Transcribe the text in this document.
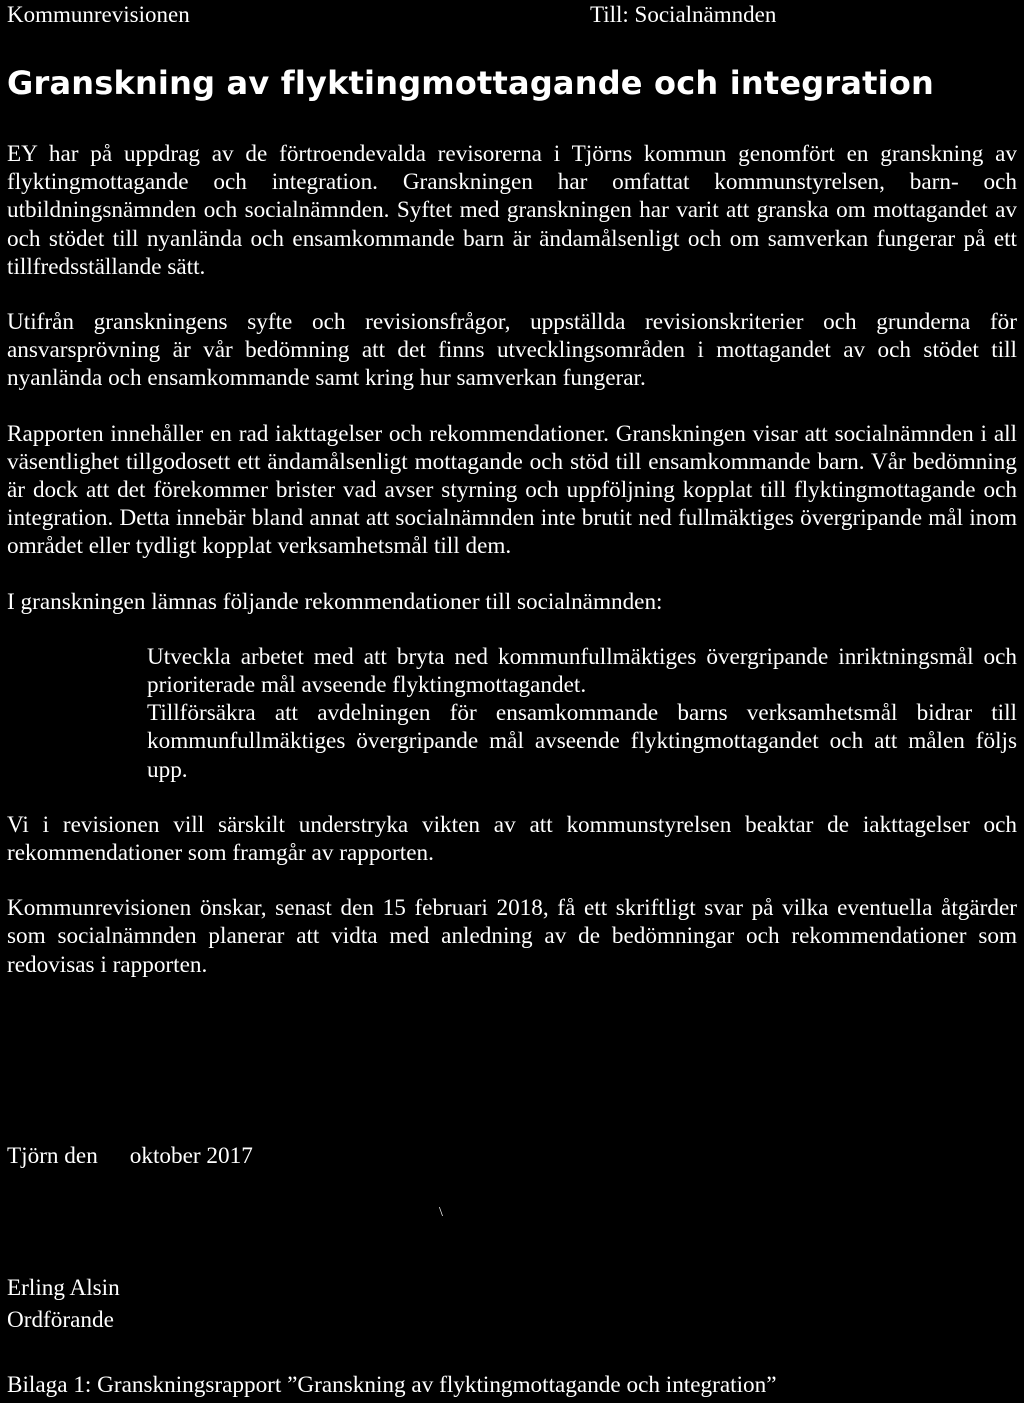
Kommunrevisionen	Till: Socialnämnden
Granskning av flyktingmottagande och integration

EY har på uppdrag av de förtroendevalda revisorerna i Tjörns kommun genomfört en granskning av flyktingmottagande och integration. Granskningen har omfattat kommunstyrelsen, barn- och utbildningsnämnden och socialnämnden. Syftet med granskningen har varit att granska om mottagandet av och stödet till nyanlända och ensamkommande barn är ändamålsenligt och om samverkan fungerar på ett tillfredsställande sätt.

Utifrån granskningens syfte och revisionsfrågor, uppställda revisionskriterier och grunderna för ansvarsprövning är vår bedömning att det finns utvecklingsområden i mottagandet av och stödet till nyanlända och ensamkommande samt kring hur samverkan fungerar.

Rapporten innehåller en rad iakttagelser och rekommendationer. Granskningen visar att socialnämnden i all väsentlighet tillgodosett ett ändamålsenligt mottagande och stöd till ensamkommande barn. Vår bedömning är dock att det förekommer brister vad avser styrning och uppföljning kopplat till flyktingmottagande och integration. Detta innebär bland annat att socialnämnden inte brutit ned fullmäktiges övergripande mål inom området eller tydligt kopplat verksamhetsmål till dem.

I granskningen lämnas följande rekommendationer till socialnämnden:

Utveckla arbetet med att bryta ned kommunfullmäktiges övergripande inriktningsmål och prioriterade mål avseende flyktingmottagandet.
Tillförsäkra att avdelningen för ensamkommande barns verksamhetsmål bidrar till kommunfullmäktiges övergripande mål avseende flyktingmottagandet och att målen följs upp.

Vi i revisionen vill särskilt understryka vikten av att kommunstyrelsen beaktar de iakttagelser och rekommendationer som framgår av rapporten.

Kommunrevisionen önskar, senast den 15 februari 2018, få ett skriftligt svar på vilka eventuella åtgärder som socialnämnden planerar att vidta med anledning av de bedömningar och rekommendationer som redovisas i rapporten.

Tjörn den oktober 2017
\
Erling Alsin
Ordförande
Bilaga 1: Granskningsrapport ”Granskning av flyktingmottagande och integration”
